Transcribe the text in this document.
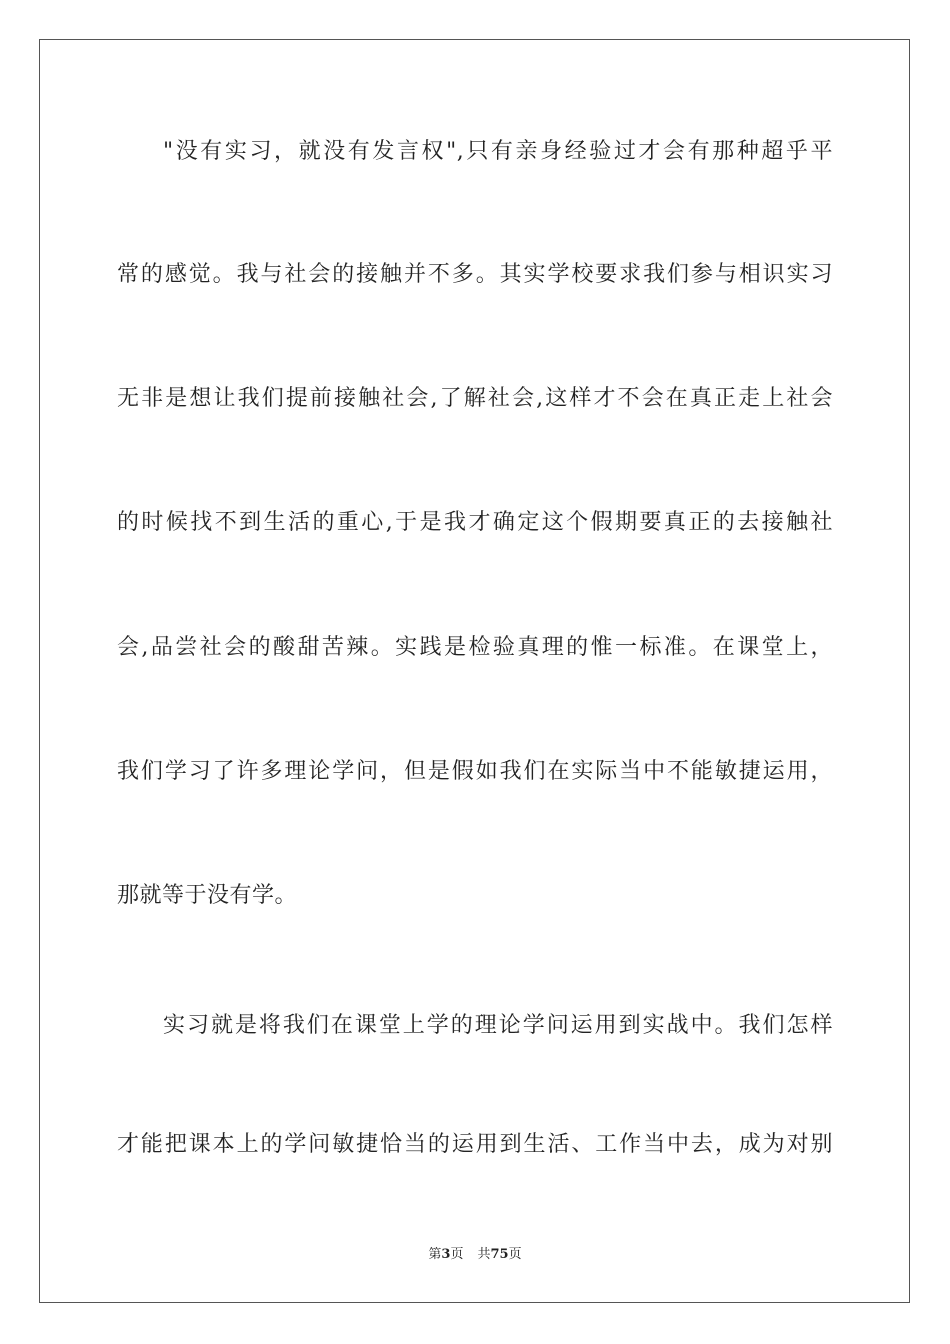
"没有实习，就没有发言权",只有亲身经验过才会有那种超乎平
常的感觉。我与社会的接触并不多。其实学校要求我们参与相识实习
无非是想让我们提前接触社会,了解社会,这样才不会在真正走上社会
的时候找不到生活的重心,于是我才确定这个假期要真正的去接触社
会,品尝社会的酸甜苦辣。实践是检验真理的惟一标准。在课堂上，
我们学习了许多理论学问，但是假如我们在实际当中不能敏捷运用，
那就等于没有学。
实习就是将我们在课堂上学的理论学问运用到实战中。我们怎样
才能把课本上的学问敏捷恰当的运用到生活、工作当中去，成为对别
第3页 共75页
